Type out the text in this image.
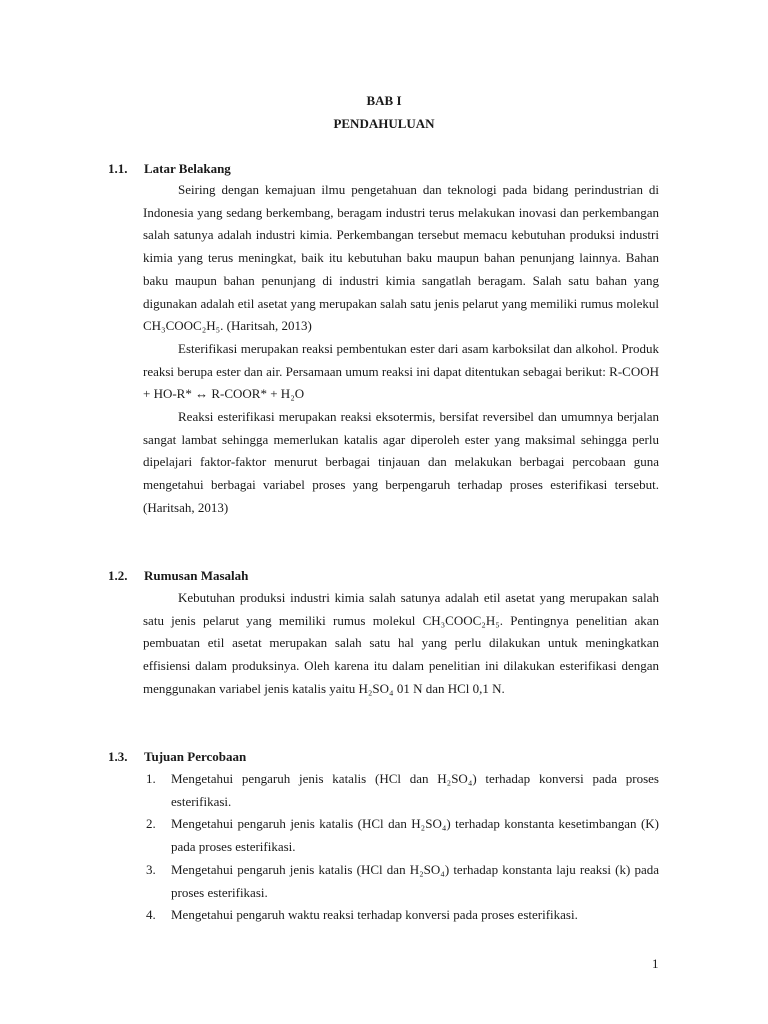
BAB I
PENDAHULUAN
1.1. Latar Belakang

Seiring dengan kemajuan ilmu pengetahuan dan teknologi pada bidang perindustrian di Indonesia yang sedang berkembang, beragam industri terus melakukan inovasi dan perkembangan salah satunya adalah industri kimia. Perkembangan tersebut memacu kebutuhan produksi industri kimia yang terus meningkat, baik itu kebutuhan baku maupun bahan penunjang lainnya. Bahan baku maupun bahan penunjang di industri kimia sangatlah beragam. Salah satu bahan yang digunakan adalah etil asetat yang merupakan salah satu jenis pelarut yang memiliki rumus molekul CH₃COOC₂H₅. (Haritsah, 2013)

Esterifikasi merupakan reaksi pembentukan ester dari asam karboksilat dan alkohol. Produk reaksi berupa ester dan air. Persamaan umum reaksi ini dapat ditentukan sebagai berikut: R-COOH + HO-R* ↔ R-COOR* + H₂O

Reaksi esterifikasi merupakan reaksi eksotermis, bersifat reversibel dan umumnya berjalan sangat lambat sehingga memerlukan katalis agar diperoleh ester yang maksimal sehingga perlu dipelajari faktor-faktor menurut berbagai tinjauan dan melakukan berbagai percobaan guna mengetahui berbagai variabel proses yang berpengaruh terhadap proses esterifikasi tersebut. (Haritsah, 2013)

1.2. Rumusan Masalah

Kebutuhan produksi industri kimia salah satunya adalah etil asetat yang merupakan salah satu jenis pelarut yang memiliki rumus molekul CH₃COOC₂H₅. Pentingnya penelitian akan pembuatan etil asetat merupakan salah satu hal yang perlu dilakukan untuk meningkatkan effisiensi dalam produksinya. Oleh karena itu dalam penelitian ini dilakukan esterifikasi dengan menggunakan variabel jenis katalis yaitu H₂SO₄ 01 N dan HCl 0,1 N.

1.3. Tujuan Percobaan
1. Mengetahui pengaruh jenis katalis (HCl dan H₂SO₄) terhadap konversi pada proses esterifikasi.
2. Mengetahui pengaruh jenis katalis (HCl dan H₂SO₄) terhadap konstanta kesetimbangan (K) pada proses esterifikasi.
3. Mengetahui pengaruh jenis katalis (HCl dan H₂SO₄) terhadap konstanta laju reaksi (k) pada proses esterifikasi.
4. Mengetahui pengaruh waktu reaksi terhadap konversi pada proses esterifikasi.
1
